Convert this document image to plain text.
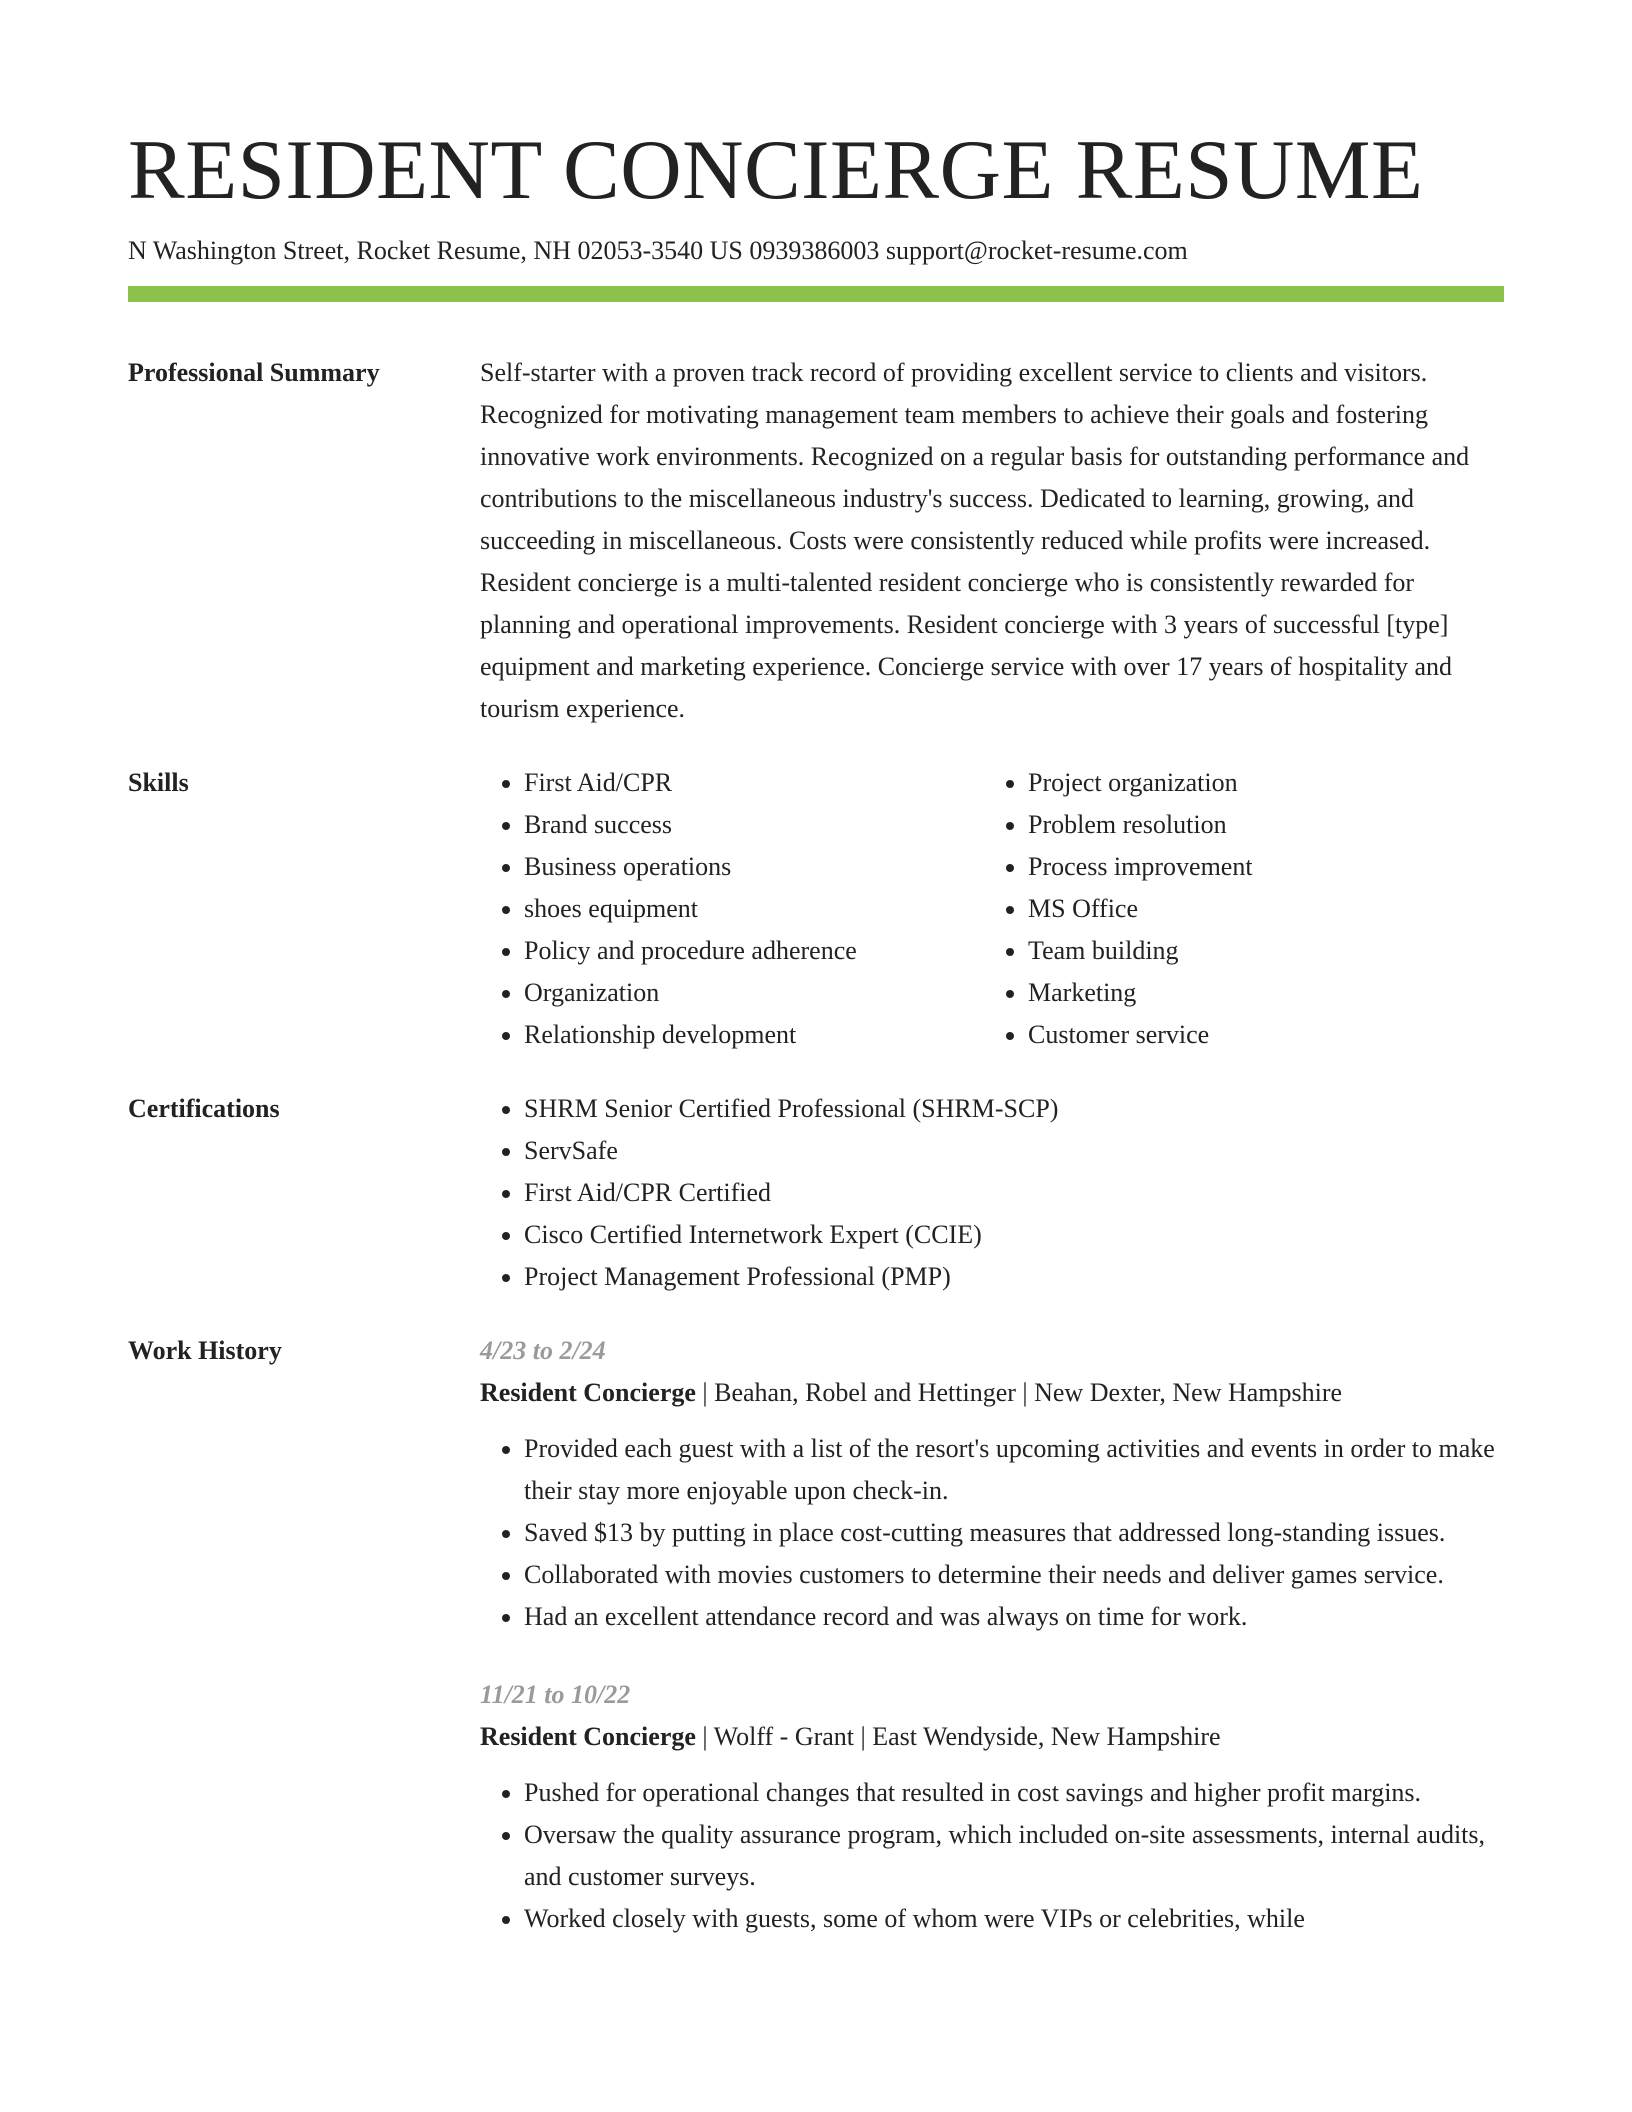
RESIDENT CONCIERGE RESUME
N Washington Street, Rocket Resume, NH 02053-3540 US 0939386003 support@rocket-resume.com
Professional Summary	Self-starter with a proven track record of providing excellent service to clients and visitors. Recognized for motivating management team members to achieve their goals and fostering innovative work environments. Recognized on a regular basis for outstanding performance and contributions to the miscellaneous industry's success. Dedicated to learning, growing, and succeeding in miscellaneous. Costs were consistently reduced while profits were increased. Resident concierge is a multi-talented resident concierge who is consistently rewarded for planning and operational improvements. Resident concierge with 3 years of successful [type] equipment and marketing experience. Concierge service with over 17 years of hospitality and tourism experience.

Skills	• First Aid/CPR
• Brand success
• Business operations
• shoes equipment
• Policy and procedure adherence
• Organization
• Relationship development
• Project organization
• Problem resolution
• Process improvement
• MS Office
• Team building
• Marketing
• Customer service
Certifications	• SHRM Senior Certified Professional (SHRM-SCP)
• ServSafe
• First Aid/CPR Certified
• Cisco Certified Internetwork Expert (CCIE)
• Project Management Professional (PMP)
Work History	4/23 to 2/24
Resident Concierge | Beahan, Robel and Hettinger | New Dexter, New Hampshire
• Provided each guest with a list of the resort's upcoming activities and events in order to make their stay more enjoyable upon check-in.
• Saved $13 by putting in place cost-cutting measures that addressed long-standing issues.
• Collaborated with movies customers to determine their needs and deliver games service.
• Had an excellent attendance record and was always on time for work.
11/21 to 10/22
Resident Concierge | Wolff - Grant | East Wendyside, New Hampshire
• Pushed for operational changes that resulted in cost savings and higher profit margins.
• Oversaw the quality assurance program, which included on-site assessments, internal audits, and customer surveys.
• Worked closely with guests, some of whom were VIPs or celebrities, while
